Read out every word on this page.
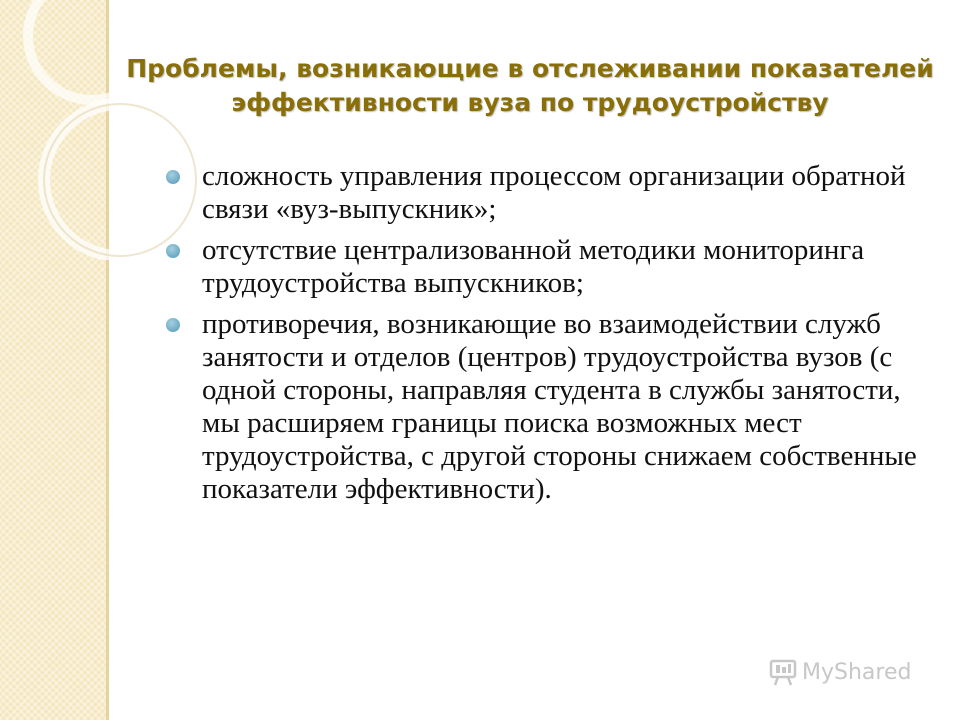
Проблемы, возникающие в отслеживании показателей
эффективности вуза по трудоустройству
сложность управления процессом организации обратной связи «вуз-выпускник»;
отсутствие централизованной методики мониторинга трудоустройства выпускников;
противоречия, возникающие во взаимодействии служб занятости и отделов (центров) трудоустройства вузов (с одной стороны, направляя студента в службы занятости, мы расширяем границы поиска возможных мест трудоустройства, с другой стороны снижаем собственные показатели эффективности).
MyShared
